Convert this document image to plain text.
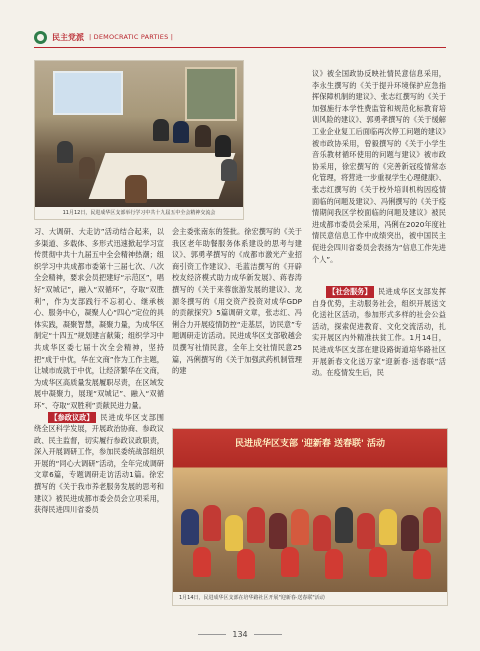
民主党派 | DEMOCRATIC PARTIES |
11月12日，民进成华区支部举行学习中共十九届五中全会精神交流会

习、大调研、大走访”活动结合起来，以多渠道、多载体、多形式迅速掀起学习宣传贯彻中共十九届五中全会精神热潮；组织学习中共成都市委第十三届七次、八次全会精神，要求会员把建好“示范区”，唱好“双城记”，融入“双循环”，夺取“双胜利”，作为支部践行不忘初心、继承核心、服务中心，凝聚人心“四心”定位的具体实践，凝聚智慧，凝聚力量，为成华区制定“十四五”规划建言献策；组织学习中共成华区委七届十次全会精神，坚持把“成于中优，华在文商”作为工作主题，让城市成就于中优，让经济繁华在文商，为成华区高质量发展履职尽责，在区域发展中凝聚力，展现“双城记”、融入“双循环”、夺取“双胜利”贡献民进力量。

【参政议政】 民进成华区支部围绕全区科学发展，开展政治协商、参政议政、民主监督，切实履行参政议政职责，深入开展调研工作，参加民委统战部组织开展的“同心大调研”活动，全年完成调研文章6篇，专题调研走访活动1篇。徐宏撰写的《关于我市养老服务发展的思考和建议》被民进成都市委会员会立项采用，获得民进四川省委员

会主委张南东的签批。徐宏撰写的《关于我区老年助餐服务体系建设的思考与建议》、郭勇孝撰写的《成都市激光产业招商引资工作建议》、毛蓝洁撰写的《开辟校友经济模式助力成华新发展》、蒋春涛撰写的《关于来蓉旅游发展的建议》、龙源冬撰写的《用交资产投资对成华GDP的贡献探究》5篇调研文章，张志红、冯俐合力开展疫情防控“走基层，访民意”专题调研走访活动。民进成华区支部敬越会员撰写社情民意，全年上交社情民意25篇，冯俐撰写的《关于加强武药机制管理的建

议》被全国政协反映社情民意信息采用，李永生撰写的《关于提升环境保护应急指挥保障机制的建议》、张志红撰写的《关于加强施行本学性费监管和规范化标教育培训风险的建议》、郭勇孝撰写的《关于缓解工业企业复工后面临再次停工问题的建议》被市政协采用，曾毅撰写的《关于小学生音乐教材循环使用的问题与建议》被市政协采用，徐宏撰写的《完善新冠疫情常态化管理，将营进一步重视学生心理健康》、张志红撰写的《关于校外培训机构因疫情面临的问题及建议》、冯俐撰写的《关于疫情期间我区学校面临的问题及建议》被民进成都市委员会采用，冯俐在2020年度社情民意信息工作中成绩突出，被中国民主促进会四川省委员会表扬为“信息工作先进个人”。

【社会服务】 民进成华区支部发挥自身优势，主动服务社会，组织开展送文化送社区活动，参加形式多样的社会公益活动，探索促进教育、文化交流活动，扎实开展区内外精准扶贫工作。1月14日，民进成华区支部在建设路街道培华路社区开展新春文化送万家“迎新春·送春联”活动。在疫情发生后，民

民进成华区支部 '迎新春 送春联' 活动
1月14日，民进成华区支部在培华路社区开展"迎新春·送春联"活动
134
